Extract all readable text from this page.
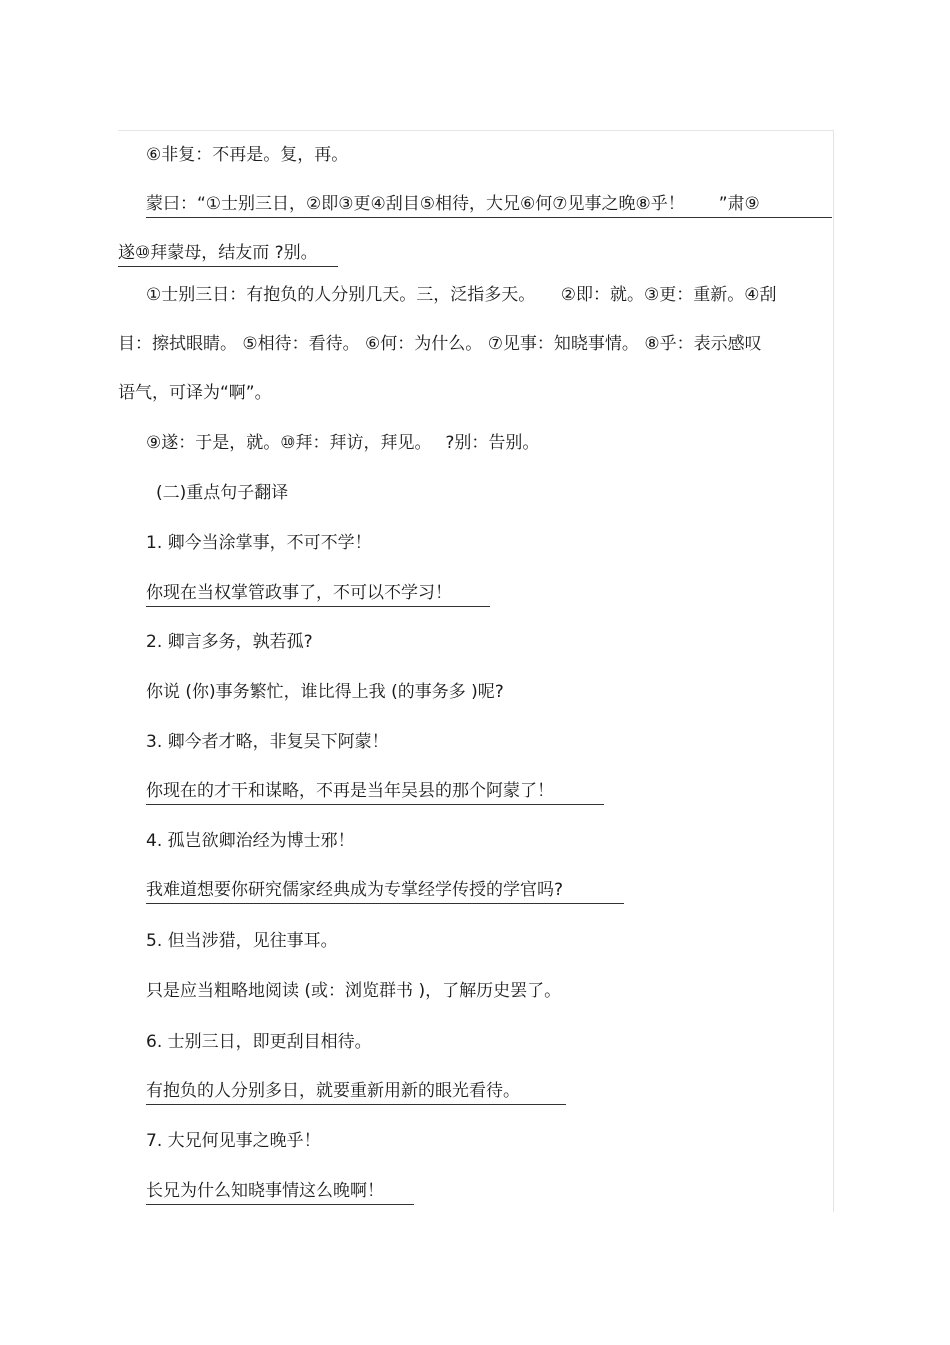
⑥非复：不再是。复，再。
蒙曰：“①士别三日，②即③更④刮目⑤相待，大兄⑥何⑦见事之晚⑧乎！　　”肃⑨
遂⑩拜蒙母，结友而 ?别。
①士别三日：有抱负的人分别几天。三，泛指多天。　　②即：就。③更：重新。④刮
目：擦拭眼睛。 ⑤相待：看待。 ⑥何：为什么。 ⑦见事：知晓事情。 ⑧乎：表示感叹
语气，可译为“啊”。
⑨遂：于是，就。⑩拜：拜访，拜见。　 ?别：告别。
(二)重点句子翻译
1. 卿今当涂掌事，不可不学！
你现在当权掌管政事了，不可以不学习！
2. 卿言多务，孰若孤?
你说 (你)事务繁忙，谁比得上我 (的事务多 )呢?
3. 卿今者才略，非复吴下阿蒙！
你现在的才干和谋略，不再是当年吴县的那个阿蒙了！
4. 孤岂欲卿治经为博士邪！
我难道想要你研究儒家经典成为专掌经学传授的学官吗?
5. 但当涉猎，见往事耳。
只是应当粗略地阅读 (或：浏览群书 )，了解历史罢了。
6. 士别三日，即更刮目相待。
有抱负的人分别多日，就要重新用新的眼光看待。
7. 大兄何见事之晚乎！
长兄为什么知晓事情这么晚啊！
